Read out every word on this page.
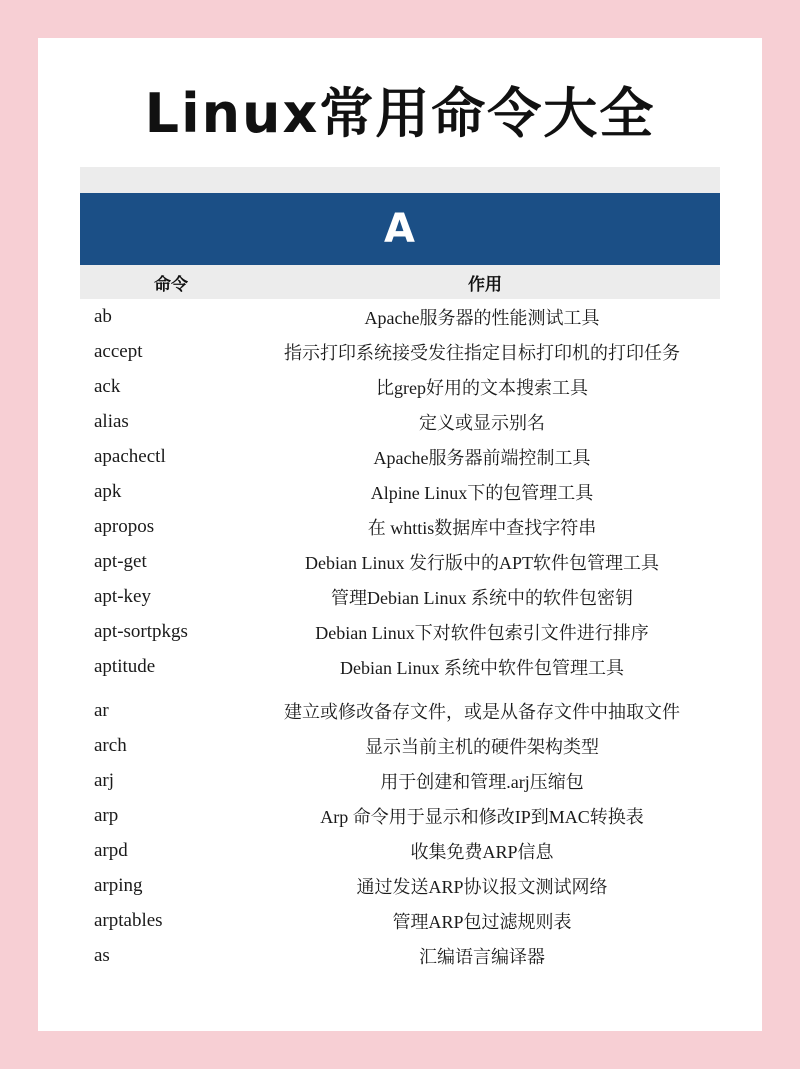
Linux常用命令大全
A
命令	作用
ab	Apache服务器的性能测试工具
accept	指示打印系统接受发往指定目标打印机的打印任务
ack	比grep好用的文本搜索工具
alias	定义或显示别名
apachectl	Apache服务器前端控制工具
apk	Alpine Linux下的包管理工具
apropos	在 whttis数据库中查找字符串
apt-get	Debian Linux 发行版中的APT软件包管理工具
apt-key	管理Debian Linux 系统中的软件包密钥
apt-sortpkgs	Debian Linux下对软件包索引文件进行排序
aptitude	Debian Linux 系统中软件包管理工具
ar	建立或修改备存文件，或是从备存文件中抽取文件
arch	显示当前主机的硬件架构类型
arj	用于创建和管理.arj压缩包
arp	Arp 命令用于显示和修改IP到MAC转换表
arpd	收集免费ARP信息
arping	通过发送ARP协议报文测试网络
arptables	管理ARP包过滤规则表
as	汇编语言编译器
